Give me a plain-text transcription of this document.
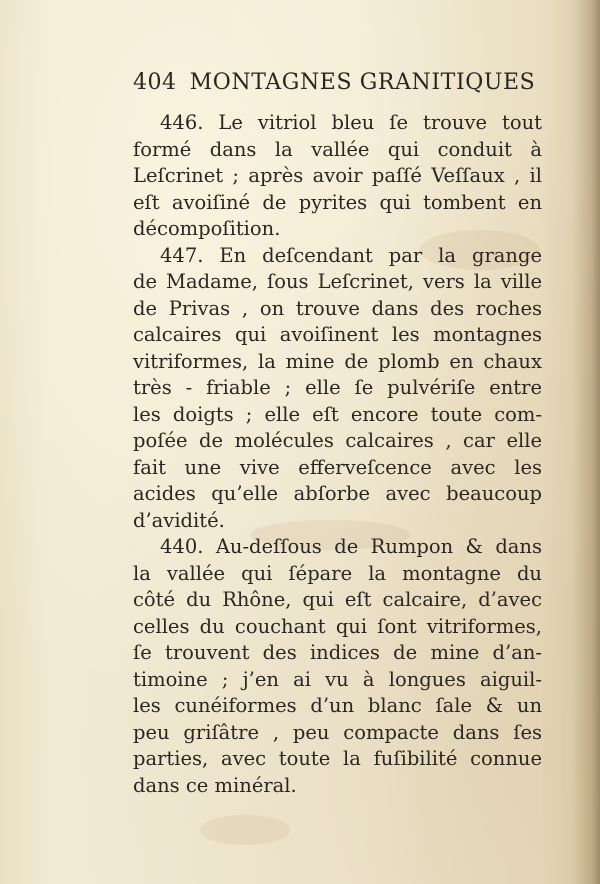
404 MONTAGNES GRANITIQUES
446. Le vitriol bleu ſe trouve tout
formé dans la vallée qui conduit à
Leſcrinet ; après avoir paſſé Veſſaux , il
eſt avoiſiné de pyrites qui tombent en
décompoſition.
447. En deſcendant par la grange
de Madame, ſous Leſcrinet, vers la ville
de Privas , on trouve dans des roches
calcaires qui avoiſinent les montagnes
vitriformes, la mine de plomb en chaux
très - friable ; elle ſe pulvériſe entre
les doigts ; elle eſt encore toute com-
poſée de molécules calcaires , car elle
fait une vive efferveſcence avec les
acides qu’elle abſorbe avec beaucoup
d’avidité.
440. Au-deſſous de Rumpon & dans
la vallée qui ſépare la montagne du
côté du Rhône, qui eſt calcaire, d’avec
celles du couchant qui ſont vitriformes,
ſe trouvent des indices de mine d’an-
timoine ; j’en ai vu à longues aiguil-
les cunéiformes d’un blanc ſale & un
peu griſâtre , peu compacte dans ſes
parties, avec toute la fuſibilité connue
dans ce minéral.
